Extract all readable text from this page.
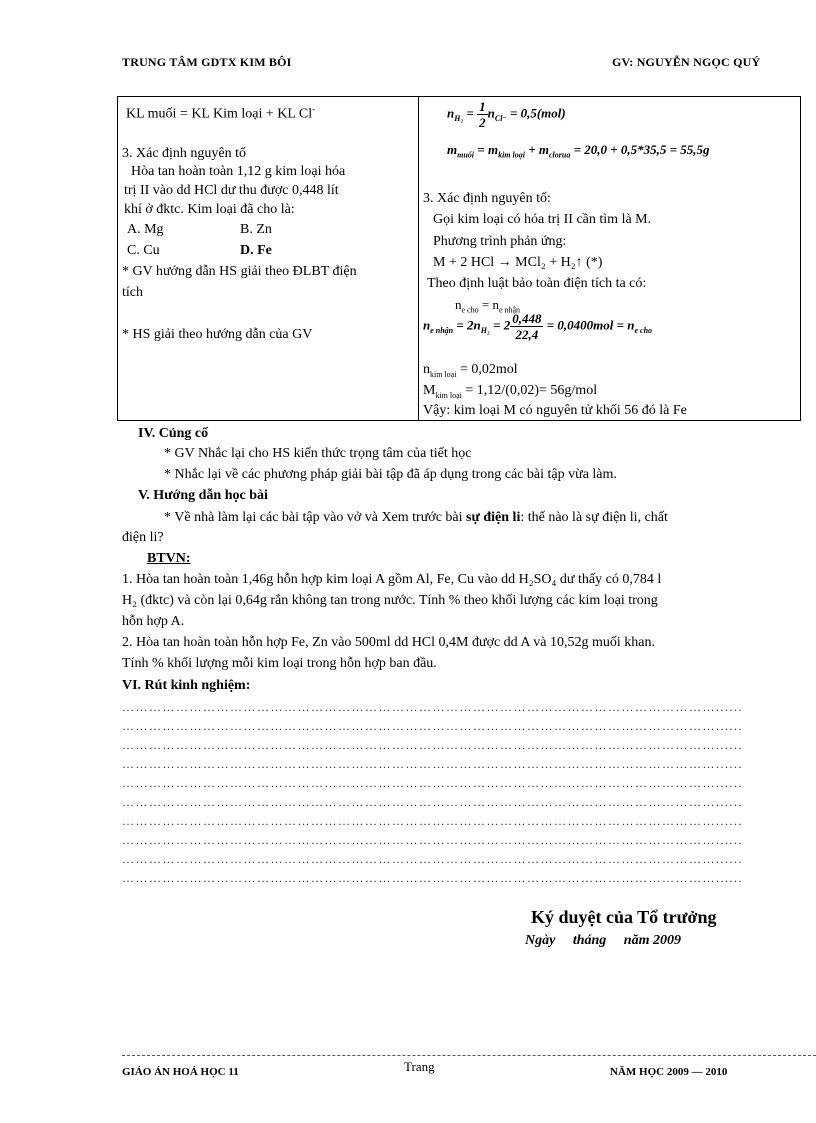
TRUNG TÂM GDTX KIM BÔI	GV: NGUYỄN NGỌC QUÝ
KL muối = KL Kim loại + KL Cl-
3. Xác định nguyên tố
Hòa tan hoàn toàn 1,12 g kim loại hóa
trị II vào dd HCl dư thu được 0,448 lít
khí ở đktc. Kim loại đã cho là:
A. Mg	B. Zn
C. Cu	D. Fe
* GV hướng dẫn HS giải theo ĐLBT điện
tích
* HS giải theo hướng dẫn của GV

$n_{H_2} = \frac{1}{2} n_{Cl^-} = 0,5(mol)$
$m_{muối} = m_{kim loại} + m_{clorua} = 20,0 + 0,5*35,5 = 55,5g$
3. Xác định nguyên tố:
Gọi kim loại có hóa trị II cần tìm là M.
Phương trình phản ứng:
M + 2 HCl → MCl₂ + H₂↑ (*)
Theo định luật bảo toàn điện tích ta có:
$n_{e cho} = n_{e nhận}$
$n_{e nhận} = 2n_{H_2} = 2 \frac{0,448}{22,4} = 0,0400mol = n_{e cho}$
$n_{kim loại} = 0,02mol$
$M_{kim loại} = 1,12/(0,02)= 56g/mol$
Vậy: kim loại M có nguyên tử khối 56 đó là Fe
IV. Củng cố
* GV Nhắc lại cho HS kiến thức trọng tâm của tiết học
* Nhắc lại về các phương pháp giải bài tập đã áp dụng trong các bài tập vừa làm.
V. Hướng dẫn học bài
* Về nhà làm lại các bài tập vào vở và Xem trước bài sự điện li: thế nào là sự điện li, chất
điện li?
BTVN:
1. Hòa tan hoàn toàn 1,46g hỗn hợp kim loại A gồm Al, Fe, Cu vào dd H₂SO₄ dư thấy có 0,784 l
H₂ (đktc) và còn lại 0,64g rắn không tan trong nước. Tính % theo khối lượng các kim loại trong
hỗn hợp A.
2. Hòa tan hoàn toàn hỗn hợp Fe, Zn vào 500ml dd HCl 0,4M được dd A và 10,52g muối khan.
Tính % khối lượng mỗi kim loại trong hỗn hợp ban đầu.
VI. Rút kinh nghiệm:
……………………………………………………………………………………………………………………......
……………………………………………………………………………………………………………………......
……………………………………………………………………………………………………………………......
……………………………………………………………………………………………………………………......
……………………………………………………………………………………………………………………......
……………………………………………………………………………………………………………………......
……………………………………………………………………………………………………………………......
……………………………………………………………………………………………………………………......
……………………………………………………………………………………………………………………......
……………………………………………………………………………………………………………………......
Ký duyệt của Tổ trưởng
Ngày     tháng     năm 2009
GIÁO ÁN HOÁ HỌC 11	Trang	NĂM HỌC 2009 — 2010
